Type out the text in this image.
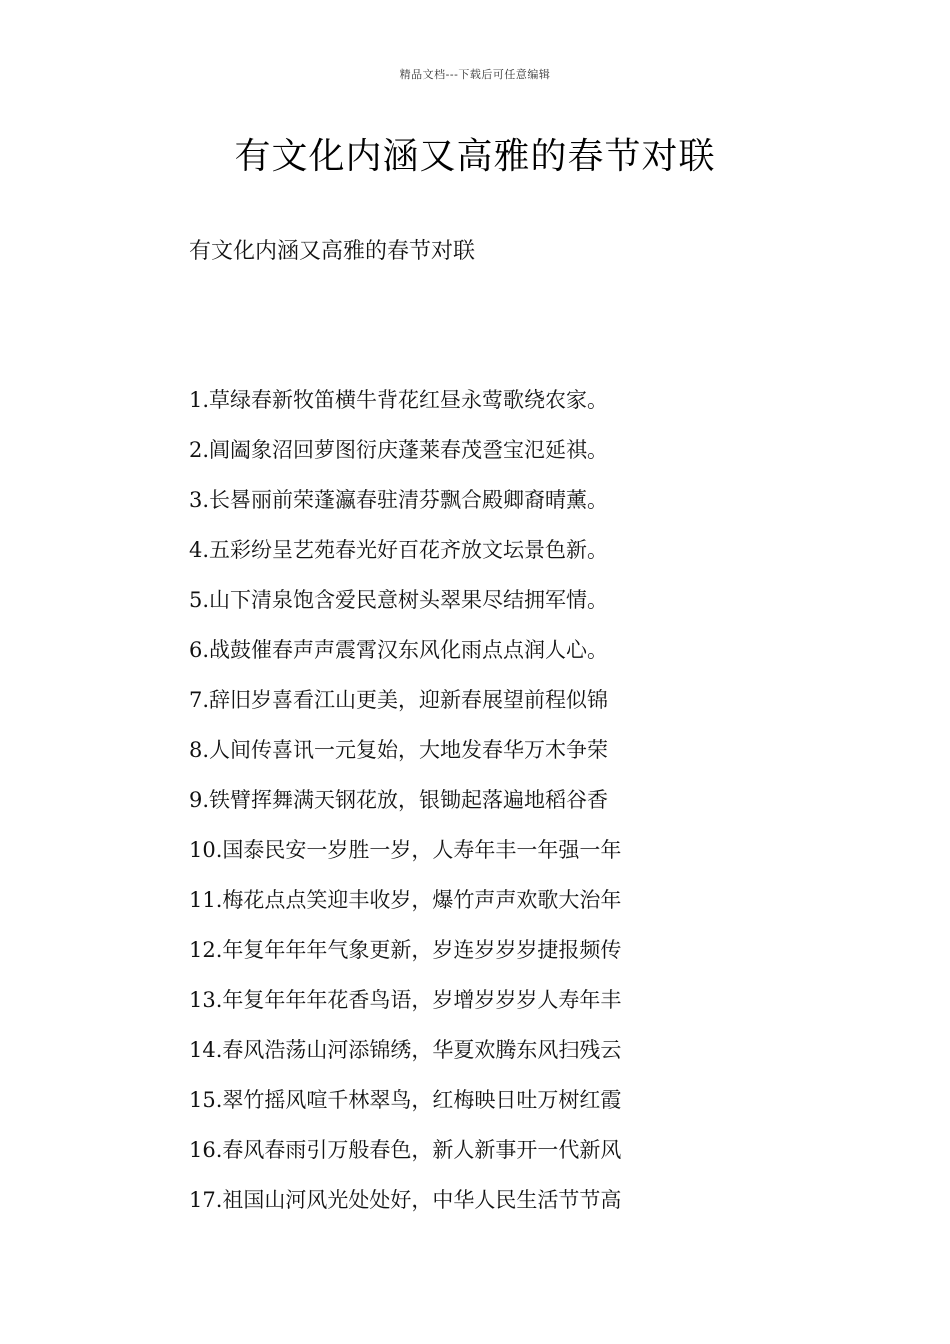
精品文档---下载后可任意编辑
有文化内涵又高雅的春节对联
有文化内涵又高雅的春节对联
1.草绿春新牧笛横牛背花红昼永莺歌绕农家。
2.阊阖象沼回萝图衍庆蓬莱春茂巹宝氾延祺。
3.长晷丽前荣蓬瀛春驻清芬飘合殿卿裔晴薰。
4.五彩纷呈艺苑春光好百花齐放文坛景色新。
5.山下清泉饱含爱民意树头翠果尽结拥军情。
6.战鼓催春声声震霄汉东风化雨点点润人心。
7.辞旧岁喜看江山更美，迎新春展望前程似锦
8.人间传喜讯一元复始，大地发春华万木争荣
9.铁臂挥舞满天钢花放，银锄起落遍地稻谷香
10.国泰民安一岁胜一岁，人寿年丰一年强一年
11.梅花点点笑迎丰收岁，爆竹声声欢歌大治年
12.年复年年年气象更新，岁连岁岁岁捷报频传
13.年复年年年花香鸟语，岁增岁岁岁人寿年丰
14.春风浩荡山河添锦绣，华夏欢腾东风扫残云
15.翠竹摇风喧千林翠鸟，红梅映日吐万树红霞
16.春风春雨引万般春色，新人新事开一代新风
17.祖国山河风光处处好，中华人民生活节节高
